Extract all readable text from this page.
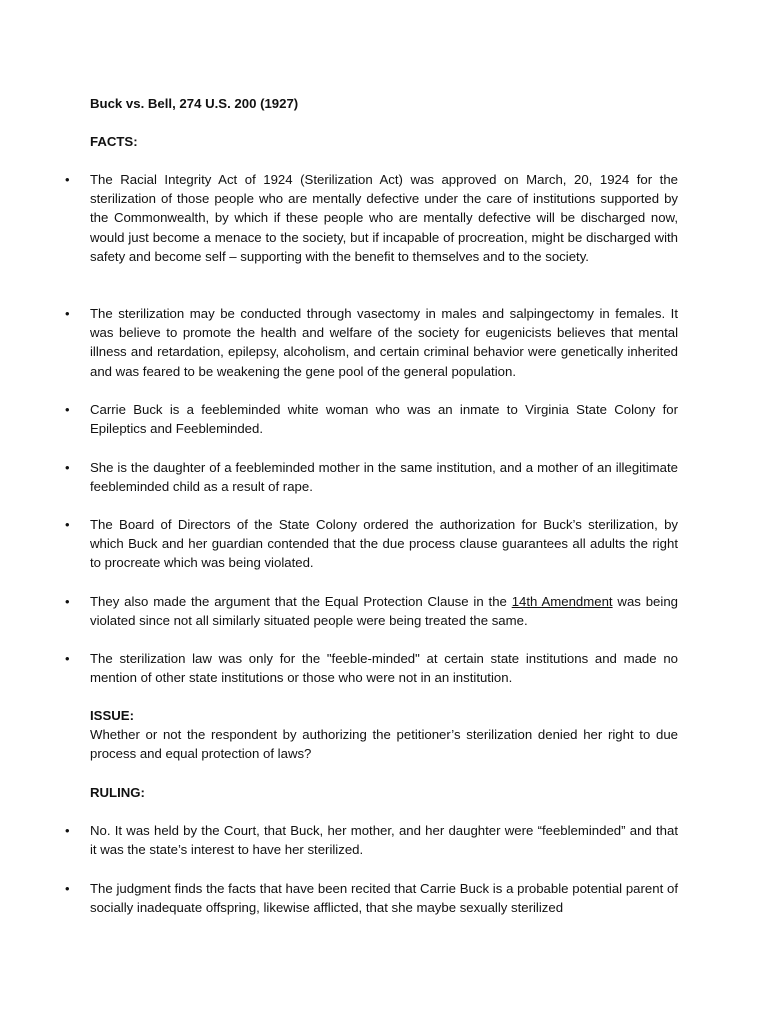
Buck vs. Bell, 274 U.S. 200 (1927)
FACTS:
• The Racial Integrity Act of 1924 (Sterilization Act) was approved on March, 20, 1924 for the sterilization of those people who are mentally defective under the care of institutions supported by the Commonwealth, by which if these people who are mentally defective will be discharged now, would just become a menace to the society, but if incapable of procreation, might be discharged with safety and become self – supporting with the benefit to themselves and to the society.
• The sterilization may be conducted through vasectomy in males and salpingectomy in females. It was believe to promote the health and welfare of the society for eugenicists believes that mental illness and retardation, epilepsy, alcoholism, and certain criminal behavior were genetically inherited and was feared to be weakening the gene pool of the general population.
• Carrie Buck is a feebleminded white woman who was an inmate to Virginia State Colony for Epileptics and Feebleminded.
• She is the daughter of a feebleminded mother in the same institution, and a mother of an illegitimate feebleminded child as a result of rape.
• The Board of Directors of the State Colony ordered the authorization for Buck’s sterilization, by which Buck and her guardian contended that the due process clause guarantees all adults the right to procreate which was being violated.
• They also made the argument that the Equal Protection Clause in the 14th Amendment was being violated since not all similarly situated people were being treated the same.
• The sterilization law was only for the "feeble-minded" at certain state institutions and made no mention of other state institutions or those who were not in an institution.
ISSUE:
Whether or not the respondent by authorizing the petitioner’s sterilization denied her right to due process and equal protection of laws?
RULING:
• No. It was held by the Court, that Buck, her mother, and her daughter were “feebleminded” and that it was the state’s interest to have her sterilized.
• The judgment finds the facts that have been recited that Carrie Buck is a probable potential parent of socially inadequate offspring, likewise afflicted, that she maybe sexually sterilized
